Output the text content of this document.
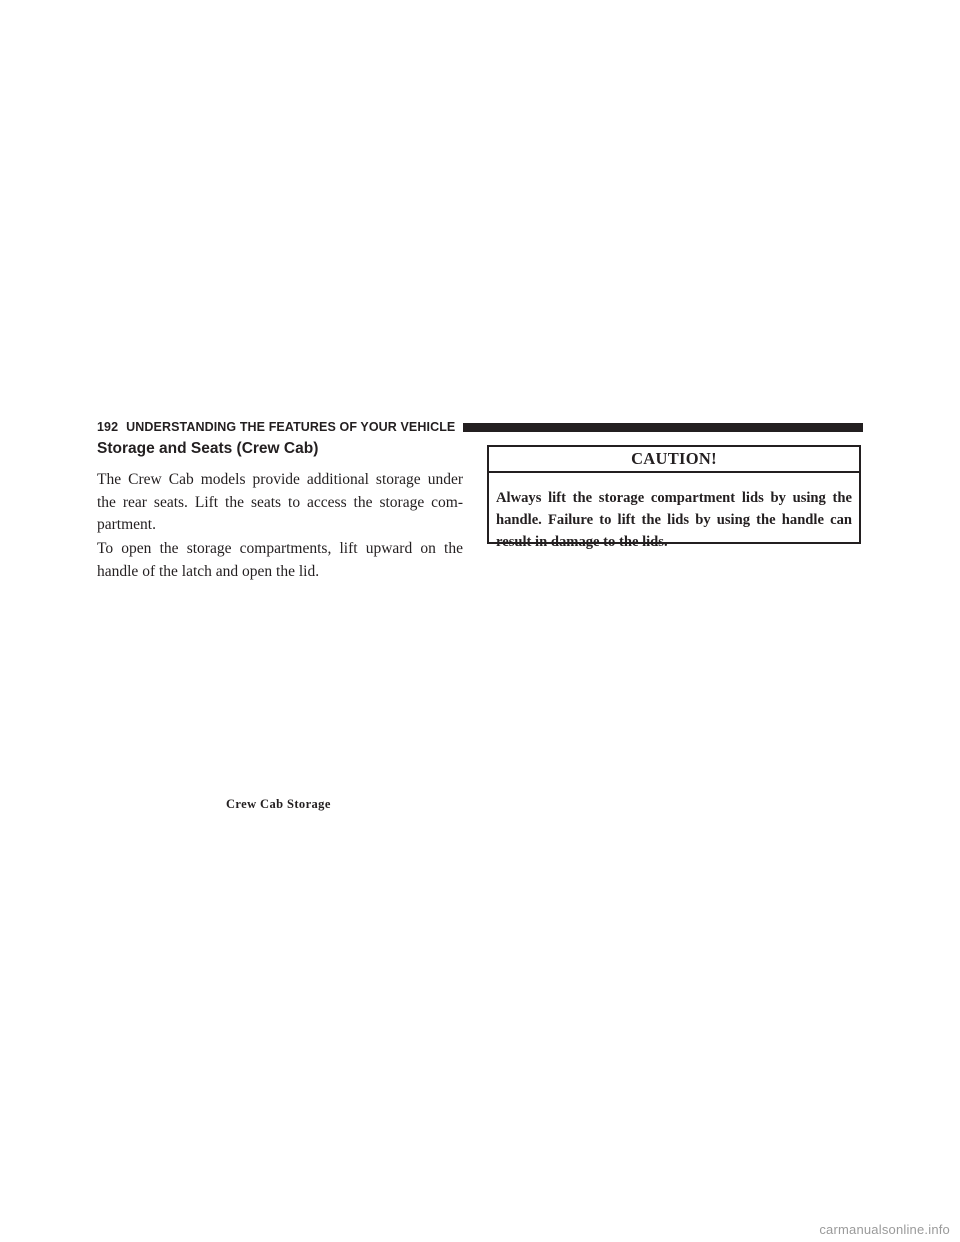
192 UNDERSTANDING THE FEATURES OF YOUR VEHICLE
Storage and Seats (Crew Cab)

The Crew Cab models provide additional storage under the rear seats. Lift the seats to access the storage com-partment.

To open the storage compartments, lift upward on the handle of the latch and open the lid.

CAUTION!

Always lift the storage compartment lids by using the handle. Failure to lift the lids by using the handle can result in damage to the lids.

Crew Cab Storage
carmanualsonline.info
